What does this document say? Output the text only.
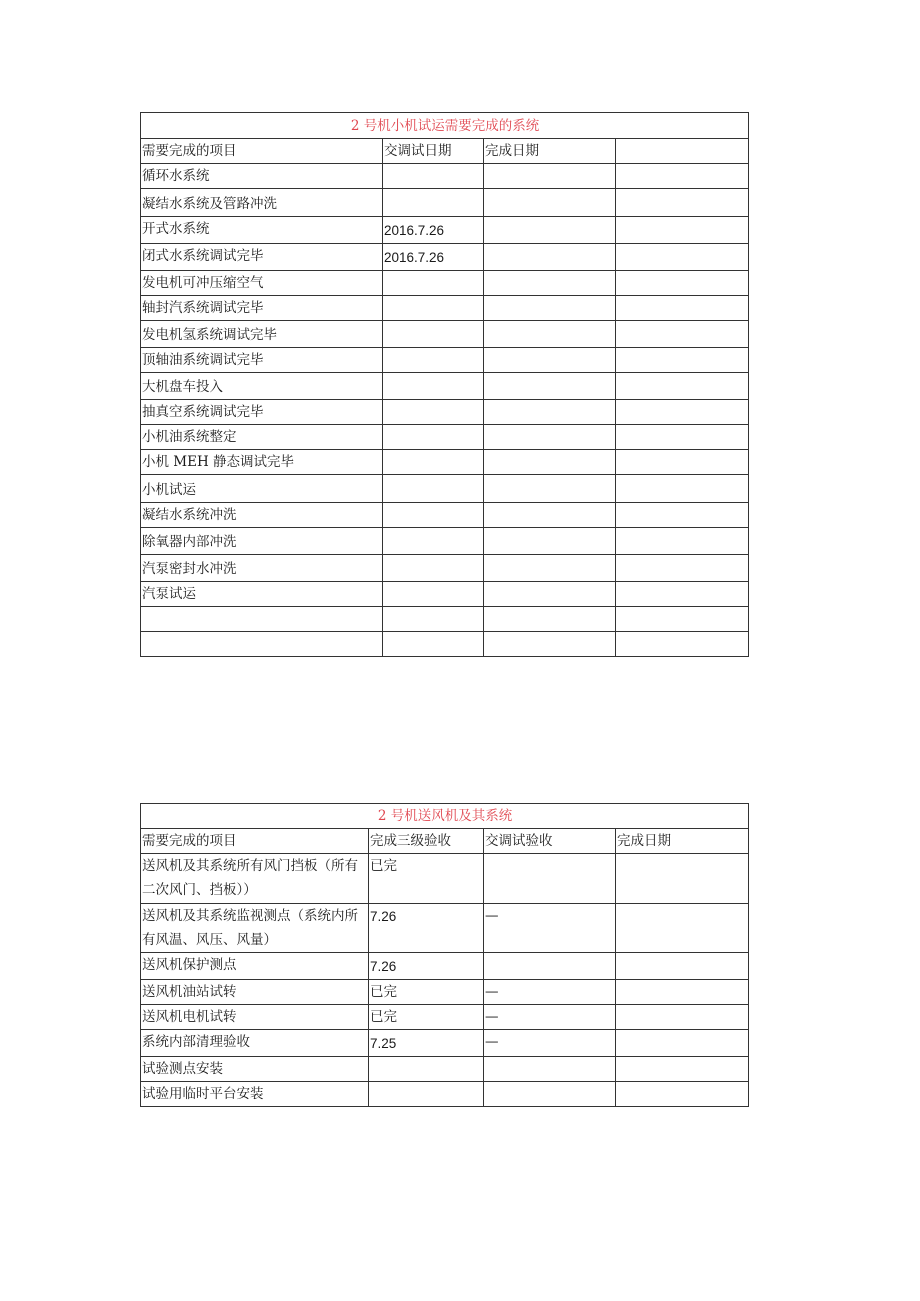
2 号机小机试运需要完成的系统			
需要完成的项目	交调试日期	完成日期	
循环水系统			
凝结水系统及管路冲洗			
开式水系统	2016.7.26		
闭式水系统调试完毕	2016.7.26		
发电机可冲压缩空气			
轴封汽系统调试完毕			
发电机氢系统调试完毕			
顶轴油系统调试完毕			
大机盘车投入			
抽真空系统调试完毕			
小机油系统整定			
小机 MEH 静态调试完毕			
小机试运			
凝结水系统冲洗			
除氧器内部冲洗			
汽泵密封水冲洗			
汽泵试运			

2 号机送风机及其系统			
需要完成的项目	完成三级验收	交调试验收	完成日期
送风机及其系统所有风门挡板（所有二次风门、挡板））	已完		
送风机及其系统监视测点（系统内所有风温、风压、风量）	7.26	—	
送风机保护测点	7.26		
送风机油站试转	已完	—	
送风机电机试转	已完	—	
系统内部清理验收	7.25	—	
试验测点安装			
试验用临时平台安装			
